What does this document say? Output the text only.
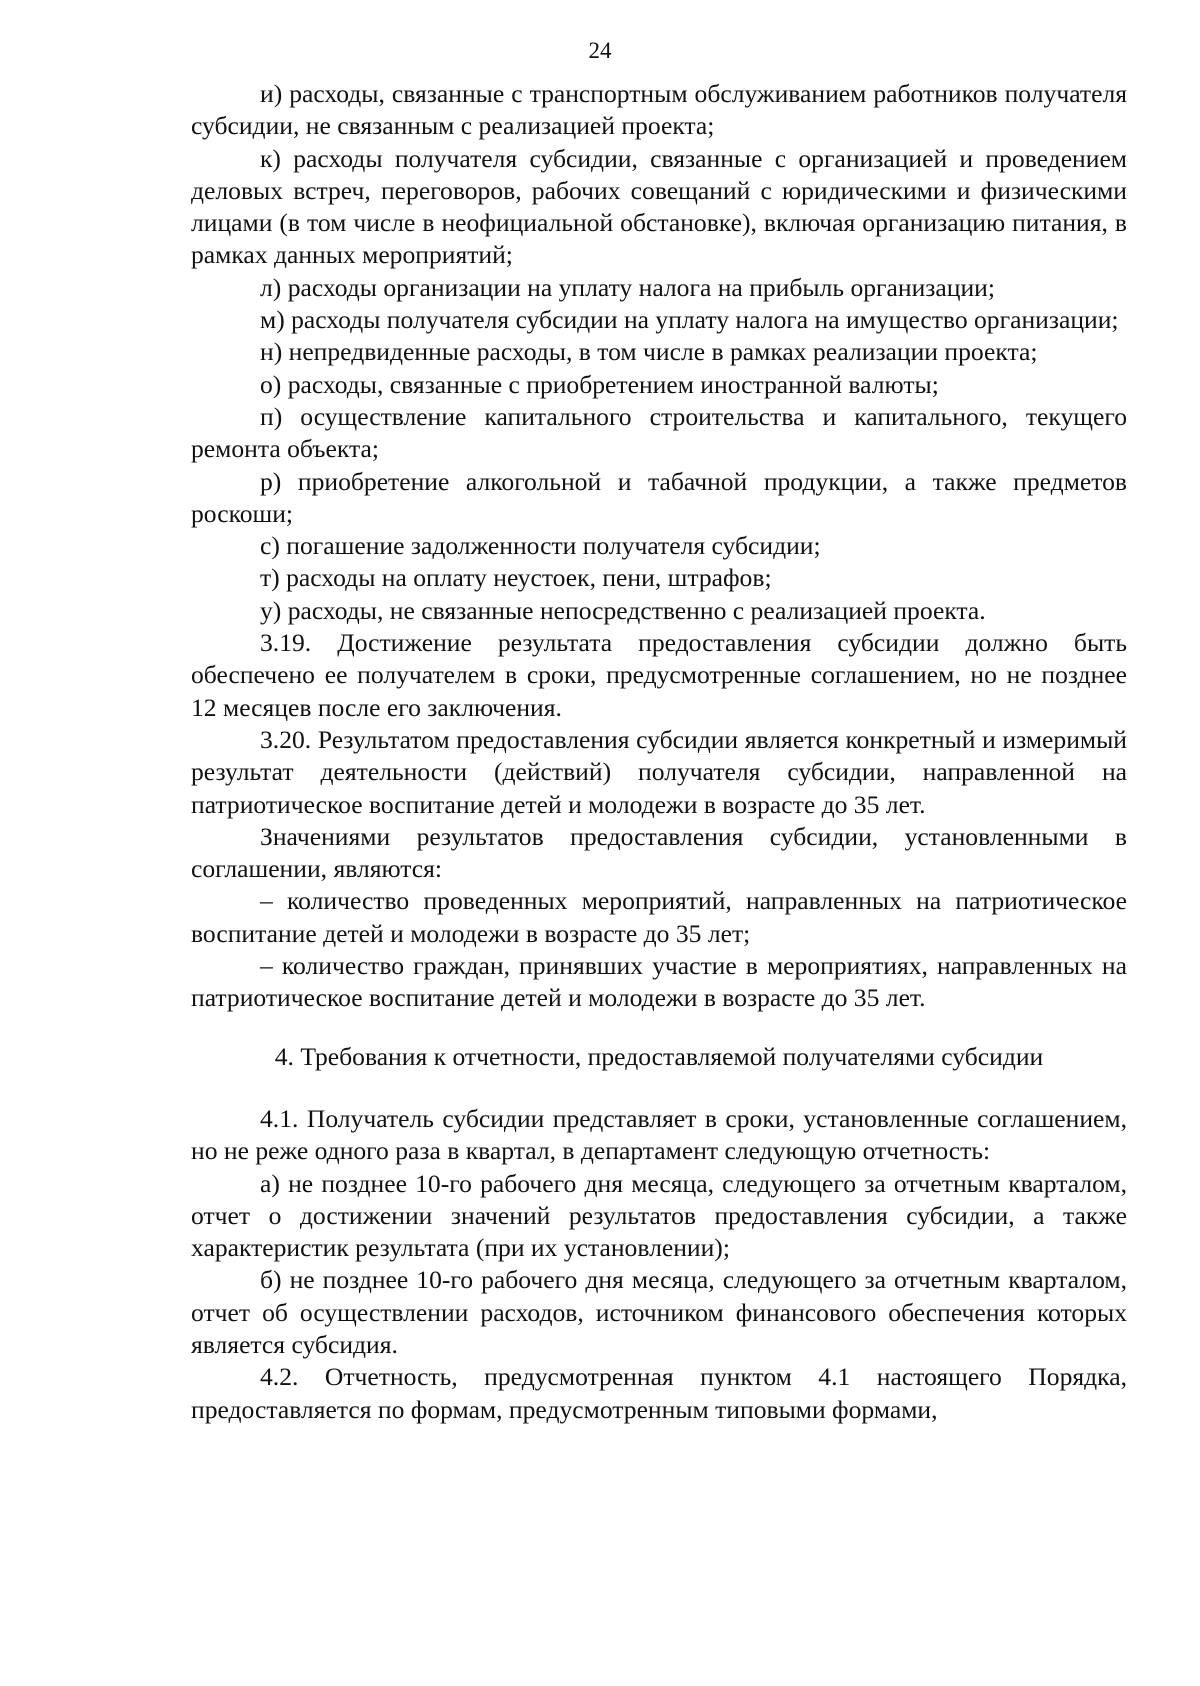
24

и) расходы, связанные с транспортным обслуживанием работников получателя субсидии, не связанным с реализацией проекта;

к) расходы получателя субсидии, связанные с организацией и проведением деловых встреч, переговоров, рабочих совещаний с юридическими и физическими лицами (в том числе в неофициальной обстановке), включая организацию питания, в рамках данных мероприятий;

л) расходы организации на уплату налога на прибыль организации;

м) расходы получателя субсидии на уплату налога на имущество организации;

н) непредвиденные расходы, в том числе в рамках реализации проекта;

о) расходы, связанные с приобретением иностранной валюты;

п) осуществление капитального строительства и капитального, текущего ремонта объекта;

р) приобретение алкогольной и табачной продукции, а также предметов роскоши;

с) погашение задолженности получателя субсидии;

т) расходы на оплату неустоек, пени, штрафов;

у) расходы, не связанные непосредственно с реализацией проекта.

3.19. Достижение результата предоставления субсидии должно быть обеспечено ее получателем в сроки, предусмотренные соглашением, но не позднее 12 месяцев после его заключения.

3.20. Результатом предоставления субсидии является конкретный и измеримый результат деятельности (действий) получателя субсидии, направленной на патриотическое воспитание детей и молодежи в возрасте до 35 лет.

Значениями результатов предоставления субсидии, установленными в соглашении, являются:

– количество проведенных мероприятий, направленных на патриотическое воспитание детей и молодежи в возрасте до 35 лет;

– количество граждан, принявших участие в мероприятиях, направленных на патриотическое воспитание детей и молодежи в возрасте до 35 лет.

4. Требования к отчетности, предоставляемой получателями субсидии

4.1. Получатель субсидии представляет в сроки, установленные соглашением, но не реже одного раза в квартал, в департамент следующую отчетность:

а) не позднее 10-го рабочего дня месяца, следующего за отчетным кварталом, отчет о достижении значений результатов предоставления субсидии, а также характеристик результата (при их установлении);

б) не позднее 10-го рабочего дня месяца, следующего за отчетным кварталом, отчет об осуществлении расходов, источником финансового обеспечения которых является субсидия.

4.2. Отчетность, предусмотренная пунктом 4.1 настоящего Порядка, предоставляется по формам, предусмотренным типовыми формами,
